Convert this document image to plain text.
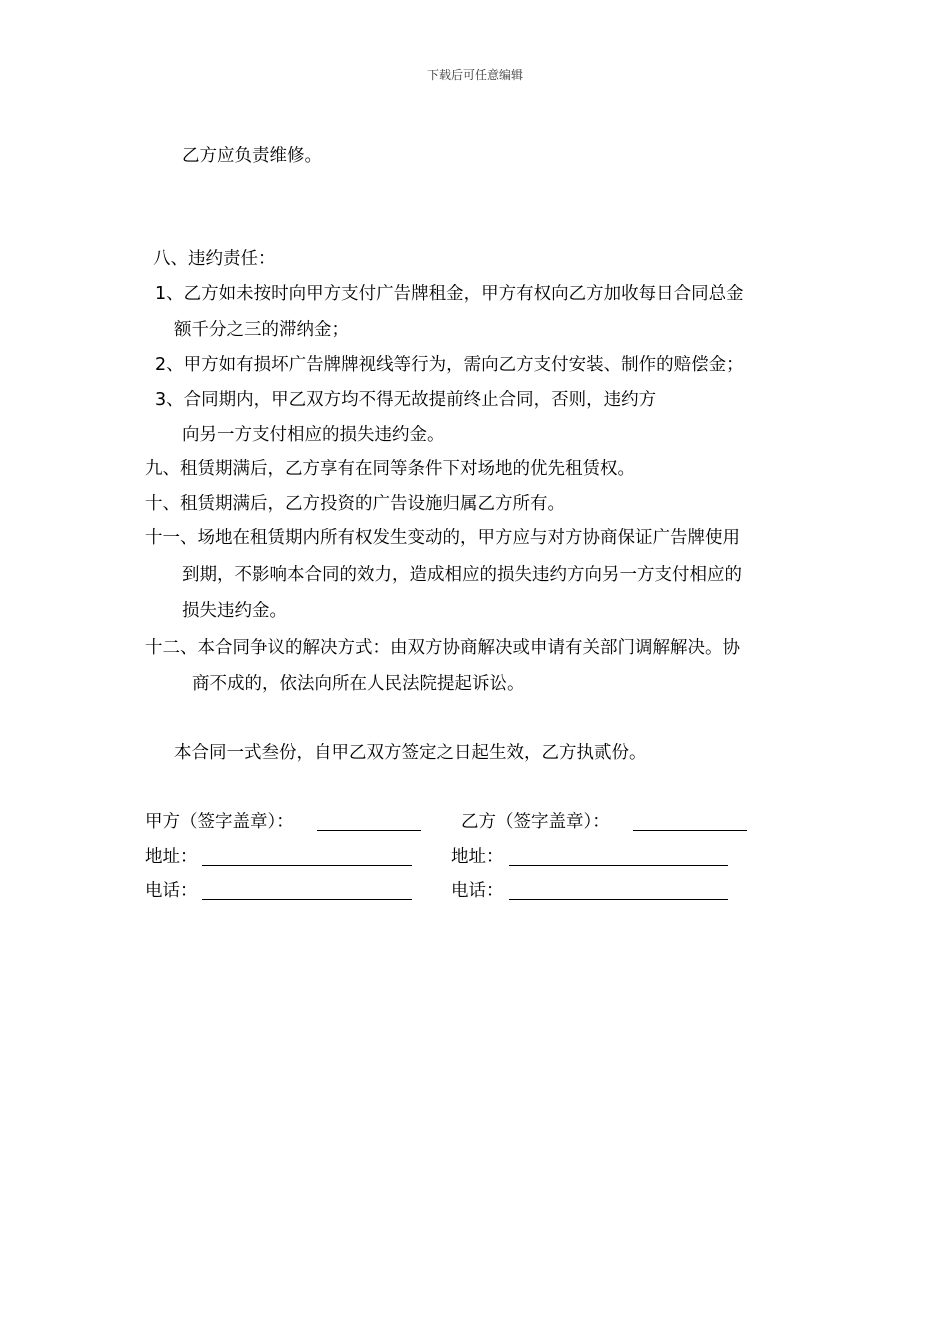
下载后可任意编辑
乙方应负责维修。
八、违约责任：
1、乙方如未按时向甲方支付广告牌租金，甲方有权向乙方加收每日合同总金
额千分之三的滞纳金；
2、甲方如有损坏广告牌牌视线等行为，需向乙方支付安装、制作的赔偿金；
3、合同期内，甲乙双方均不得无故提前终止合同，否则，违约方
向另一方支付相应的损失违约金。
九、租赁期满后，乙方享有在同等条件下对场地的优先租赁权。
十、租赁期满后，乙方投资的广告设施归属乙方所有。
十一、场地在租赁期内所有权发生变动的，甲方应与对方协商保证广告牌使用
到期，不影响本合同的效力，造成相应的损失违约方向另一方支付相应的
损失违约金。
十二、本合同争议的解决方式：由双方协商解决或申请有关部门调解解决。协
商不成的，依法向所在人民法院提起诉讼。
本合同一式叁份，自甲乙双方签定之日起生效，乙方执贰份。
甲方（签字盖章）：	乙方（签字盖章）：
地址：	地址：
电话：	电话：
